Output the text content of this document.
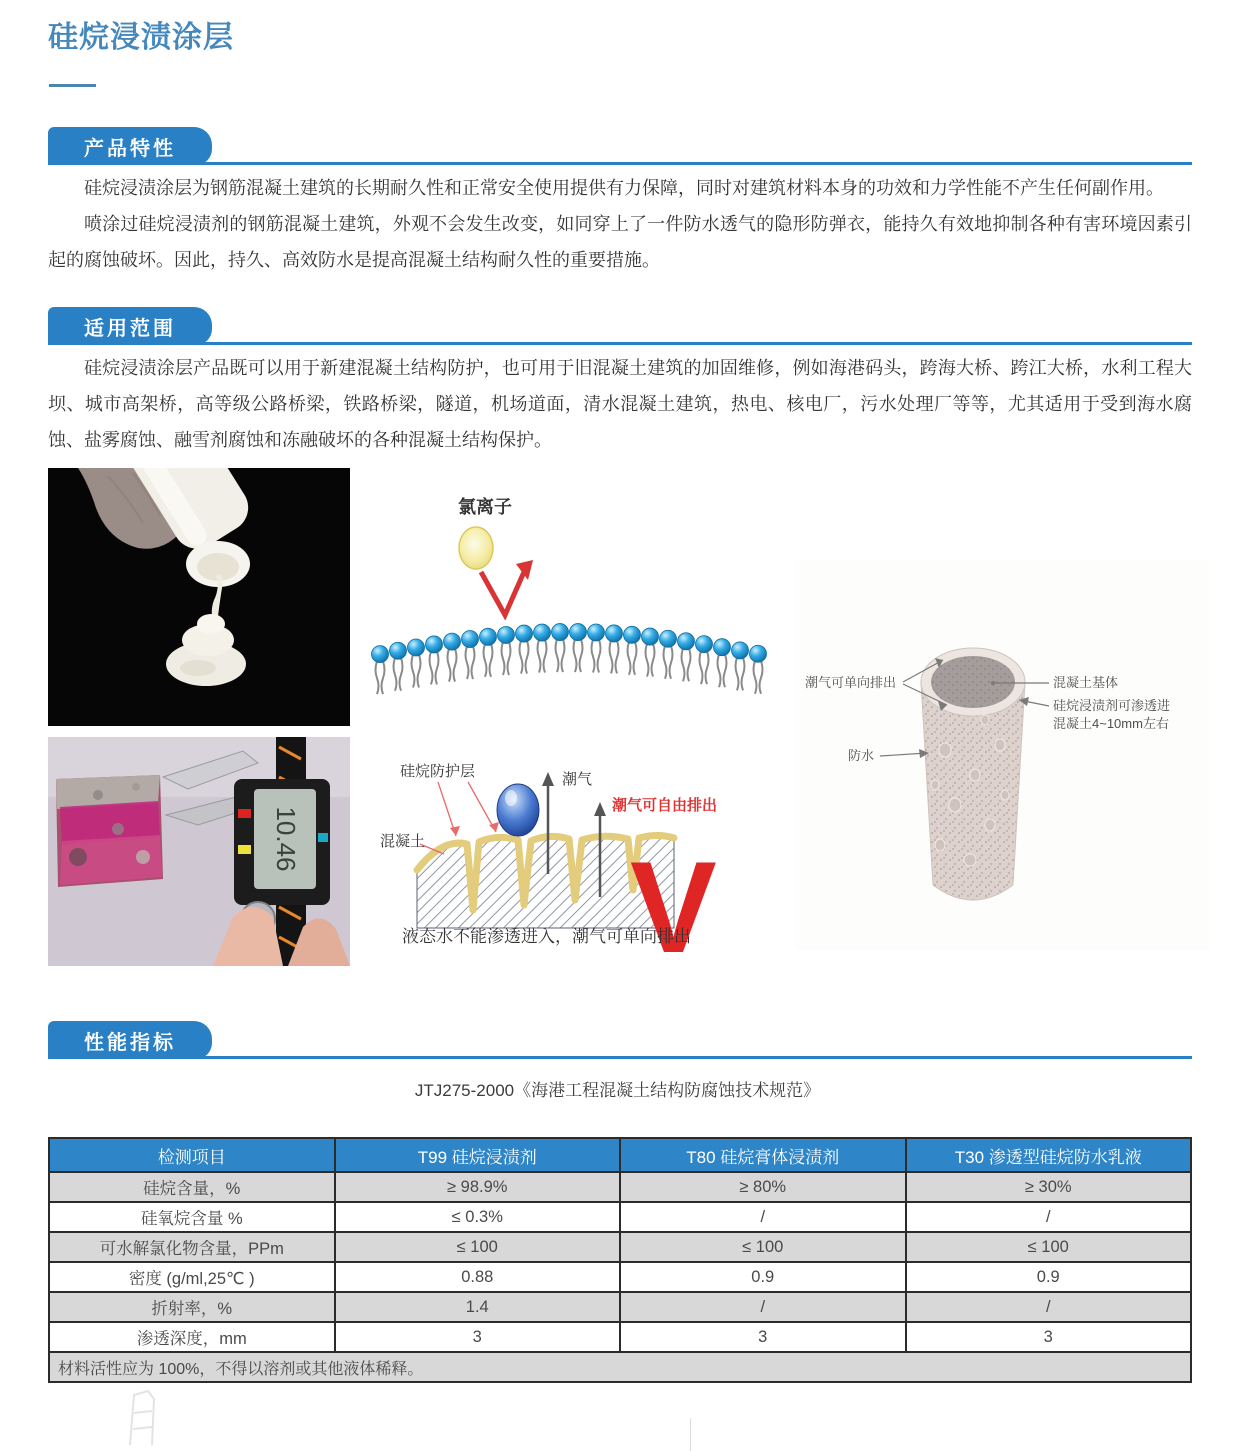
硅烷浸渍涂层
产品特性

硅烷浸渍涂层为钢筋混凝土建筑的长期耐久性和正常安全使用提供有力保障，同时对建筑材料本身的功效和力学性能不产生任何副作用。

喷涂过硅烷浸渍剂的钢筋混凝土建筑，外观不会发生改变，如同穿上了一件防水透气的隐形防弹衣，能持久有效地抑制各种有害环境因素引起的腐蚀破坏。因此，持久、高效防水是提高混凝土结构耐久性的重要措施。

适用范围

硅烷浸渍涂层产品既可以用于新建混凝土结构防护，也可用于旧混凝土建筑的加固维修，例如海港码头，跨海大桥、跨江大桥，水利工程大坝、城市高架桥，高等级公路桥梁，铁路桥梁，隧道，机场道面，清水混凝土建筑，热电、核电厂，污水处理厂等等，尤其适用于受到海水腐蚀、盐雾腐蚀、融雪剂腐蚀和冻融破坏的各种混凝土结构保护。

氯离子
潮气可单向排出	混凝土基体
硅烷浸渍剂可渗透进
混凝土4~10mm左右
防水
10.46
硅烷防护层
混凝土
潮气
潮气可自由排出
V
液态水不能渗透进入，潮气可单向排出
性能指标
JTJ275-2000《海港工程混凝土结构防腐蚀技术规范》
检测项目	T99 硅烷浸渍剂	T80 硅烷膏体浸渍剂	T30 渗透型硅烷防水乳液
硅烷含量，%	≥ 98.9%	≥ 80%	≥ 30%
硅氧烷含量 %	≤ 0.3%	/	/
可水解氯化物含量，PPm	≤ 100	≤ 100	≤ 100
密度 (g/ml,25℃ )	0.88	0.9	0.9
折射率，%	1.4	/	/
渗透深度，mm	3	3	3
材料活性应为 100%，不得以溶剂或其他液体稀释。			
